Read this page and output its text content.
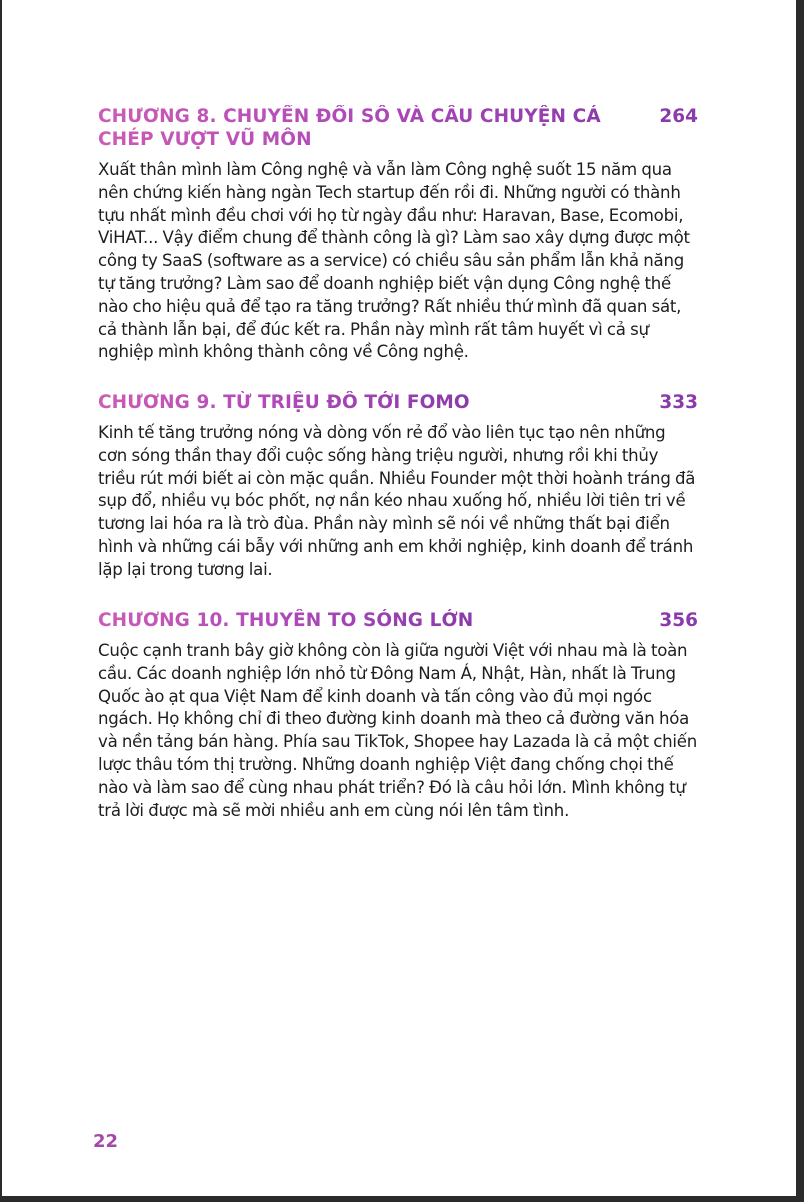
CHƯƠNG 8. CHUYỂN ĐỔI SỐ VÀ CÂU CHUYỆN CÁ CHÉP VƯỢT VŨ MÔN
264

Xuất thân mình làm Công nghệ và vẫn làm Công nghệ suốt 15 năm qua nên chứng kiến hàng ngàn Tech startup đến rồi đi. Những người có thành tựu nhất mình đều chơi với họ từ ngày đầu như: Haravan, Base, Ecomobi, ViHAT... Vậy điểm chung để thành công là gì? Làm sao xây dựng được một công ty SaaS (software as a service) có chiều sâu sản phẩm lẫn khả năng tự tăng trưởng? Làm sao để doanh nghiệp biết vận dụng Công nghệ thế nào cho hiệu quả để tạo ra tăng trưởng? Rất nhiều thứ mình đã quan sát, cả thành lẫn bại, để đúc kết ra. Phần này mình rất tâm huyết vì cả sự nghiệp mình không thành công về Công nghệ.

CHƯƠNG 9. TỪ TRIỆU ĐÔ TỚI FOMO	333

Kinh tế tăng trưởng nóng và dòng vốn rẻ đổ vào liên tục tạo nên những cơn sóng thần thay đổi cuộc sống hàng triệu người, nhưng rồi khi thủy triều rút mới biết ai còn mặc quần. Nhiều Founder một thời hoành tráng đã sụp đổ, nhiều vụ bóc phốt, nợ nần kéo nhau xuống hố, nhiều lời tiên tri về tương lai hóa ra là trò đùa. Phần này mình sẽ nói về những thất bại điển hình và những cái bẫy với những anh em khởi nghiệp, kinh doanh để tránh lặp lại trong tương lai.

CHƯƠNG 10. THUYỀN TO SÓNG LỚN	356

Cuộc cạnh tranh bây giờ không còn là giữa người Việt với nhau mà là toàn cầu. Các doanh nghiệp lớn nhỏ từ Đông Nam Á, Nhật, Hàn, nhất là Trung Quốc ào ạt qua Việt Nam để kinh doanh và tấn công vào đủ mọi ngóc ngách. Họ không chỉ đi theo đường kinh doanh mà theo cả đường văn hóa và nền tảng bán hàng. Phía sau TikTok, Shopee hay Lazada là cả một chiến lược thâu tóm thị trường. Những doanh nghiệp Việt đang chống chọi thế nào và làm sao để cùng nhau phát triển? Đó là câu hỏi lớn. Mình không tự trả lời được mà sẽ mời nhiều anh em cùng nói lên tâm tình.

22
